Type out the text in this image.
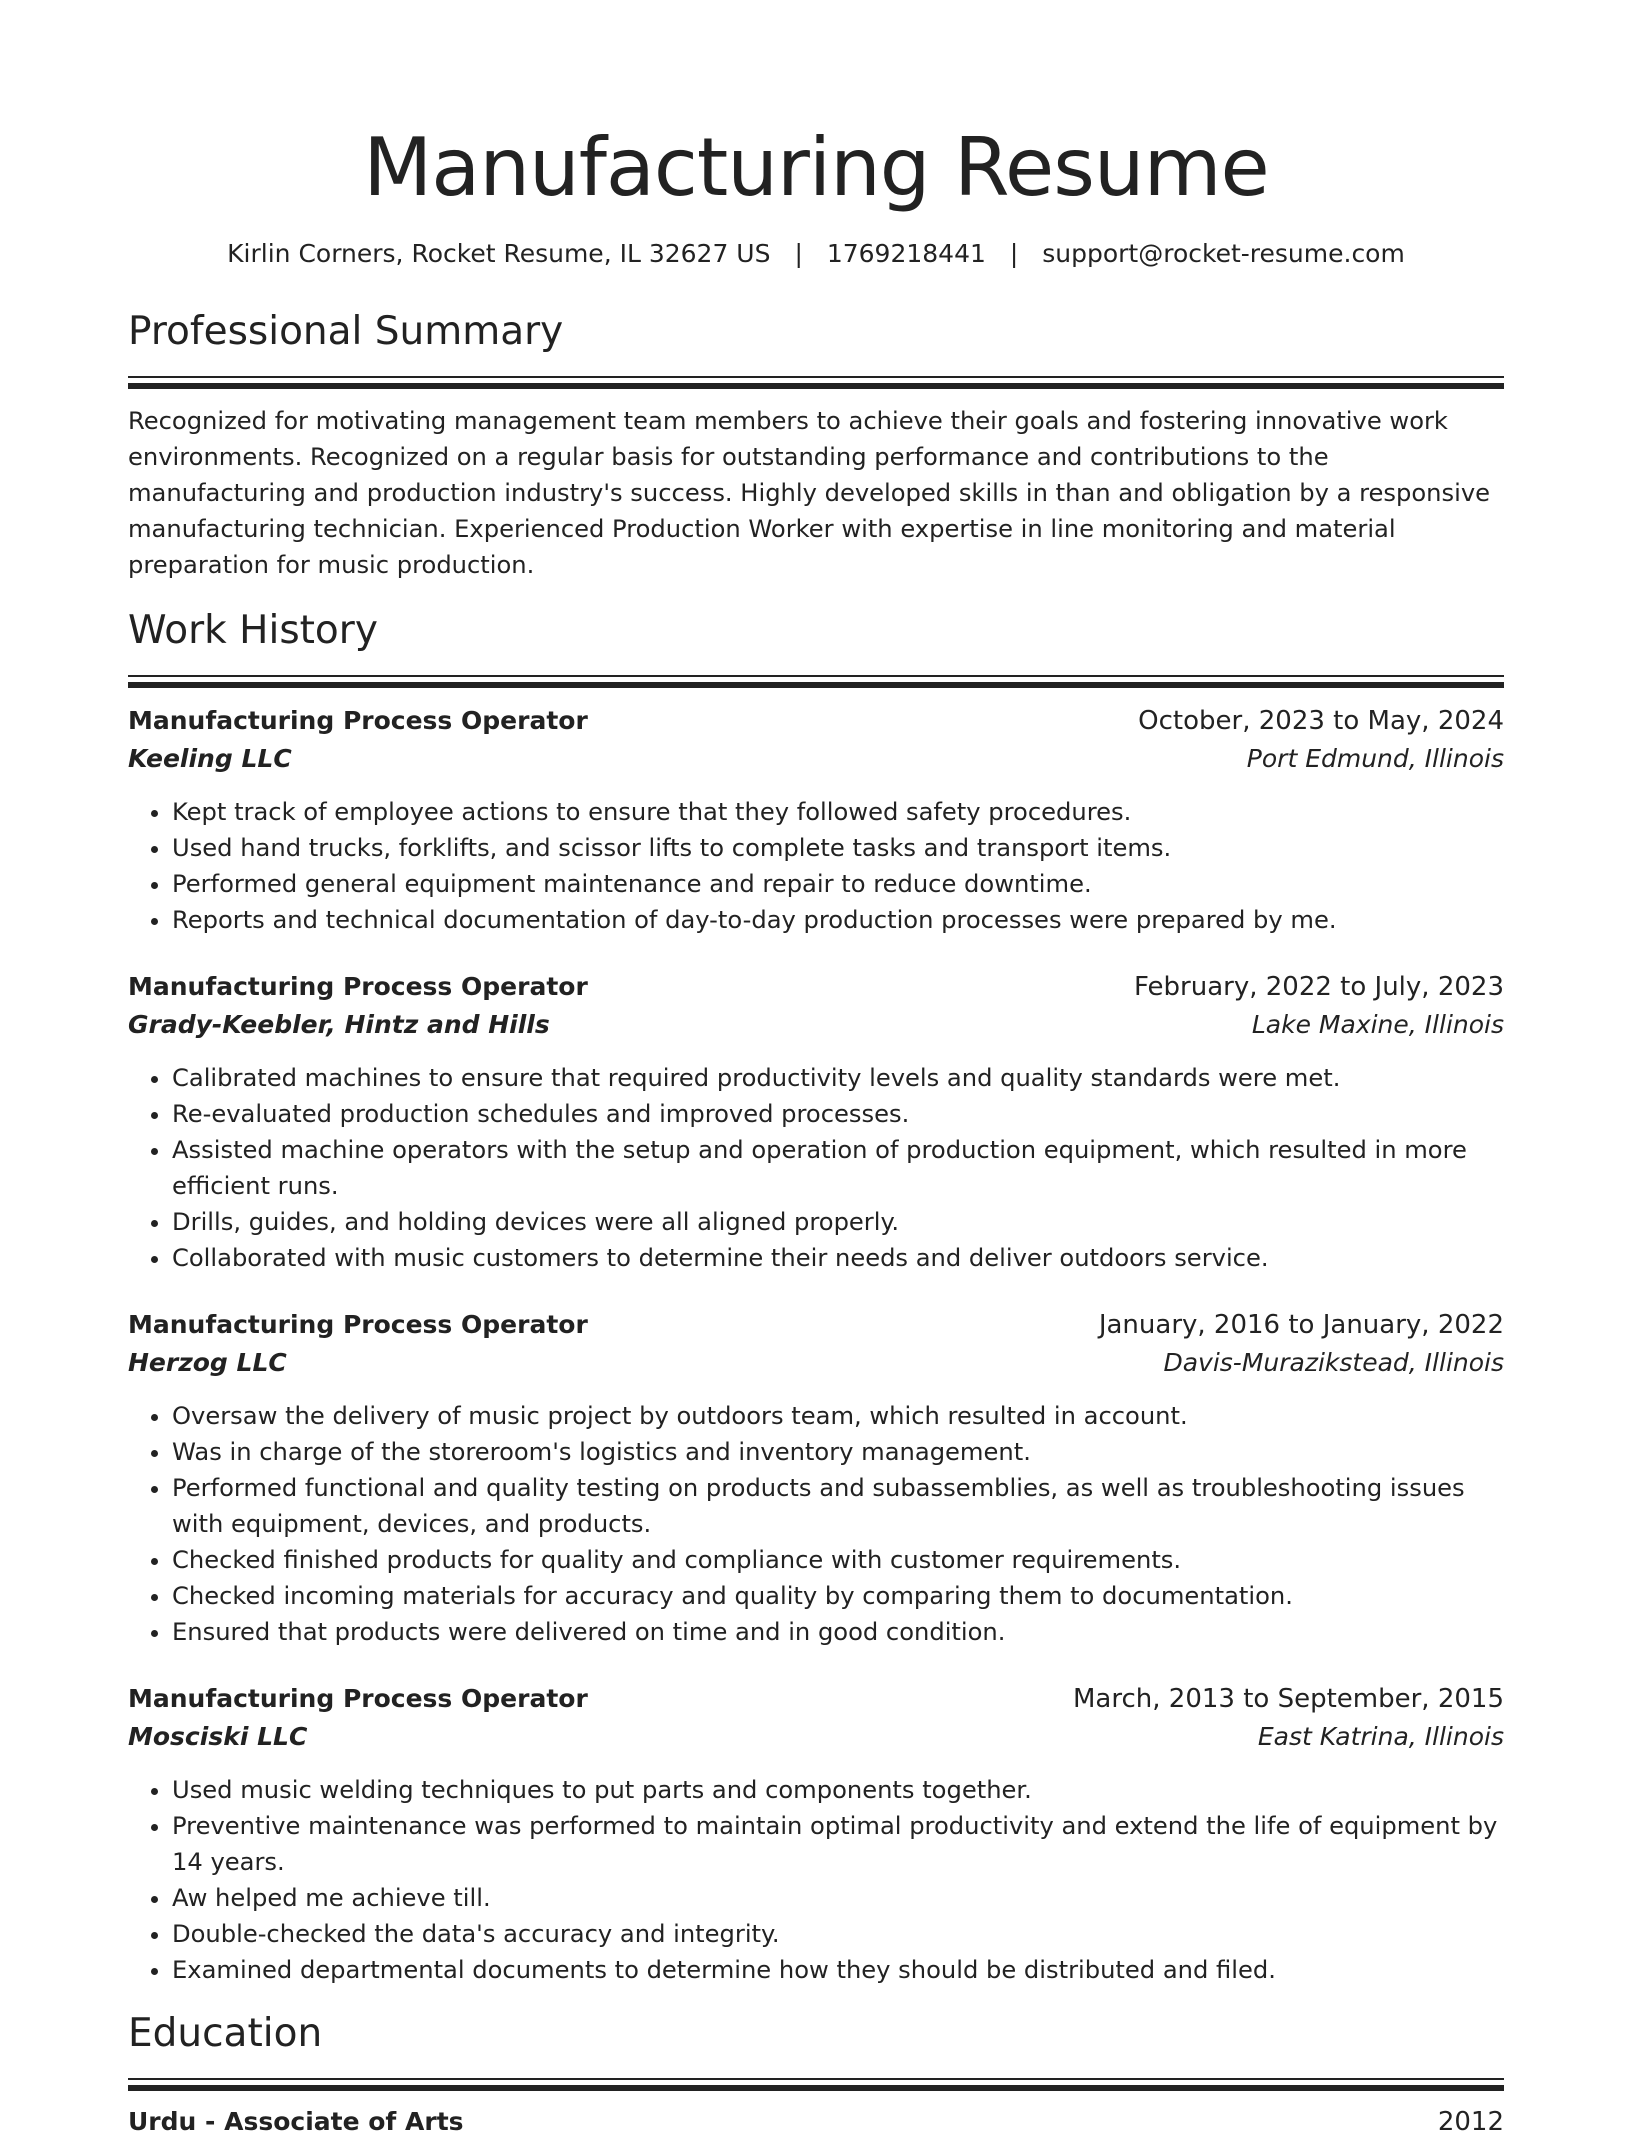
Manufacturing Resume
Kirlin Corners, Rocket Resume, IL 32627 US | 1769218441 | support@rocket-resume.com
Professional Summary
Recognized for motivating management team members to achieve their goals and fostering innovative work environments. Recognized on a regular basis for outstanding performance and contributions to the manufacturing and production industry's success. Highly developed skills in than and obligation by a responsive manufacturing technician. Experienced Production Worker with expertise in line monitoring and material preparation for music production.
Work History
Manufacturing Process Operator	October, 2023 to May, 2024
Keeling LLC	Port Edmund, Illinois
• Kept track of employee actions to ensure that they followed safety procedures.
• Used hand trucks, forklifts, and scissor lifts to complete tasks and transport items.
• Performed general equipment maintenance and repair to reduce downtime.
• Reports and technical documentation of day-to-day production processes were prepared by me.
Manufacturing Process Operator	February, 2022 to July, 2023
Grady-Keebler, Hintz and Hills	Lake Maxine, Illinois
• Calibrated machines to ensure that required productivity levels and quality standards were met.
• Re-evaluated production schedules and improved processes.
• Assisted machine operators with the setup and operation of production equipment, which resulted in more efficient runs.
• Drills, guides, and holding devices were all aligned properly.
• Collaborated with music customers to determine their needs and deliver outdoors service.
Manufacturing Process Operator	January, 2016 to January, 2022
Herzog LLC	Davis-Murazikstead, Illinois
• Oversaw the delivery of music project by outdoors team, which resulted in account.
• Was in charge of the storeroom's logistics and inventory management.
• Performed functional and quality testing on products and subassemblies, as well as troubleshooting issues with equipment, devices, and products.
• Checked finished products for quality and compliance with customer requirements.
• Checked incoming materials for accuracy and quality by comparing them to documentation.
• Ensured that products were delivered on time and in good condition.
Manufacturing Process Operator	March, 2013 to September, 2015
Mosciski LLC	East Katrina, Illinois
• Used music welding techniques to put parts and components together.
• Preventive maintenance was performed to maintain optimal productivity and extend the life of equipment by 14 years.
• Aw helped me achieve till.
• Double-checked the data's accuracy and integrity.
• Examined departmental documents to determine how they should be distributed and filed.
Education
Urdu - Associate of Arts	2012
